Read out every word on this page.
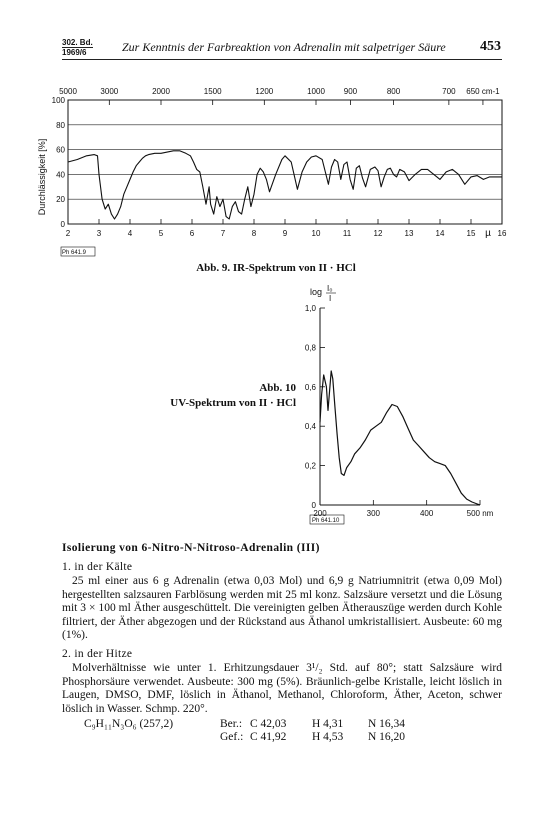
302. Bd.
1969/6	Zur Kenntnis der Farbreaktion von Adrenalin mit salpetriger Säure 453
0
20
40
60
80
100
2	3	4	5	6	7	8	9	10	11	12	13	14	15	16
µ
5000	3000	2000	1500	1200	1000 900	800	700 650 cm-1
Durchlässigkeit [%]
Ph 641.9
Abb. 9. IR-Spektrum von II · HCl
0
0,2
0,4
0,6
0,8
1,0
200	300	400	500 nm
log I₀
I
Ph 641.10
Abb. 10
UV-Spektrum von II · HCl
Isolierung von 6-Nitro-N-Nitroso-Adrenalin (III)
1. in der Kälte
25 ml einer aus 6 g Adrenalin (etwa 0,03 Mol) und 6,9 g Natriumnitrit (etwa 0,09 Mol) hergestellten salzsauren Farblösung werden mit 25 ml konz. Salzsäure versetzt und die Lösung mit 3 × 100 ml Äther ausgeschüttelt. Die vereinigten gelben Ätherauszüge werden durch Kohle filtriert, der Äther abgezogen und der Rückstand aus Äthanol umkristallisiert. Ausbeute: 60 mg (1%).
2. in der Hitze
Molverhältnisse wie unter 1. Erhitzungsdauer 3¹/₂ Std. auf 80°; statt Salzsäure wird Phosphorsäure verwendet. Ausbeute: 300 mg (5%). Bräunlich-gelbe Kristalle, leicht löslich in Laugen, DMSO, DMF, löslich in Äthanol, Methanol, Chloroform, Äther, Aceton, schwer löslich in Wasser. Schmp. 220°.
C₉H₁₁N₃O₆ (257,2)	Ber.: C 42,03 H 4,31 N 16,34
Gef.: C 41,92 H 4,53 N 16,20
